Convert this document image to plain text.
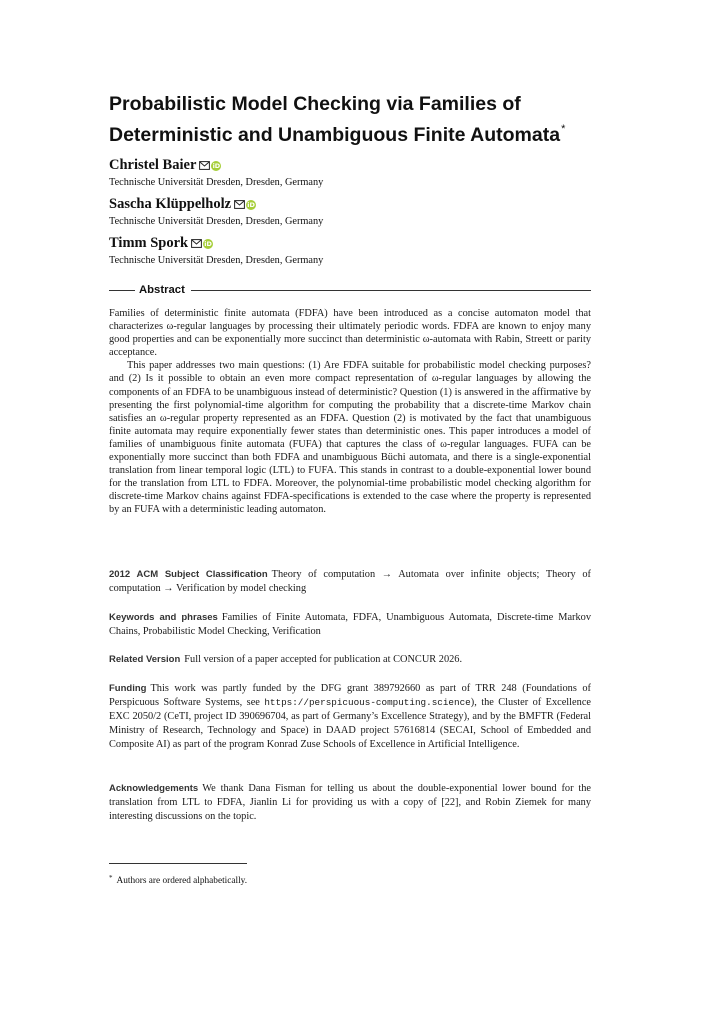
Probabilistic Model Checking via Families of Deterministic and Unambiguous Finite Automata*
Christel Baier iD
Technische Universität Dresden, Dresden, Germany
Sascha Klüppelholz iD
Technische Universität Dresden, Dresden, Germany
Timm Spork iD
Technische Universität Dresden, Dresden, Germany
Abstract

Families of deterministic finite automata (FDFA) have been introduced as a concise automaton model that characterizes ω-regular languages by processing their ultimately periodic words. FDFA are known to enjoy many good properties and can be exponentially more succinct than deterministic ω-automata with Rabin, Streett or parity acceptance.

This paper addresses two main questions: (1) Are FDFA suitable for probabilistic model checking purposes? and (2) Is it possible to obtain an even more compact representation of ω-regular languages by allowing the components of an FDFA to be unambiguous instead of deterministic? Question (1) is answered in the affirmative by presenting the first polynomial-time algorithm for computing the probability that a discrete-time Markov chain satisfies an ω-regular property represented as an FDFA. Question (2) is motivated by the fact that unambiguous finite automata may require exponentially fewer states than deterministic ones. This paper introduces a model of families of unambiguous finite automata (FUFA) that captures the class of ω-regular languages. FUFA can be exponentially more succinct than both FDFA and unambiguous Büchi automata, and there is a single-exponential translation from linear temporal logic (LTL) to FUFA. This stands in contrast to a double-exponential lower bound for the translation from LTL to FDFA. Moreover, the polynomial-time probabilistic model checking algorithm for discrete-time Markov chains against FDFA-specifications is extended to the case where the property is represented by an FUFA with a deterministic leading automaton.

2012 ACM Subject Classification Theory of computation → Automata over infinite objects; Theory of computation → Verification by model checking
Keywords and phrases Families of Finite Automata, FDFA, Unambiguous Automata, Discrete-time Markov Chains, Probabilistic Model Checking, Verification
Related Version Full version of a paper accepted for publication at CONCUR 2026.
Funding This work was partly funded by the DFG grant 389792660 as part of TRR 248 (Foundations of Perspicuous Software Systems, see https://perspicuous-computing.science), the Cluster of Excellence EXC 2050/2 (CeTI, project ID 390696704, as part of Germany’s Excellence Strategy), and by the BMFTR (Federal Ministry of Research, Technology and Space) in DAAD project 57616814 (SECAI, School of Embedded and Composite AI) as part of the program Konrad Zuse Schools of Excellence in Artificial Intelligence.
Acknowledgements We thank Dana Fisman for telling us about the double-exponential lower bound for the translation from LTL to FDFA, Jianlin Li for providing us with a copy of [22], and Robin Ziemek for many interesting discussions on the topic.
* Authors are ordered alphabetically.
